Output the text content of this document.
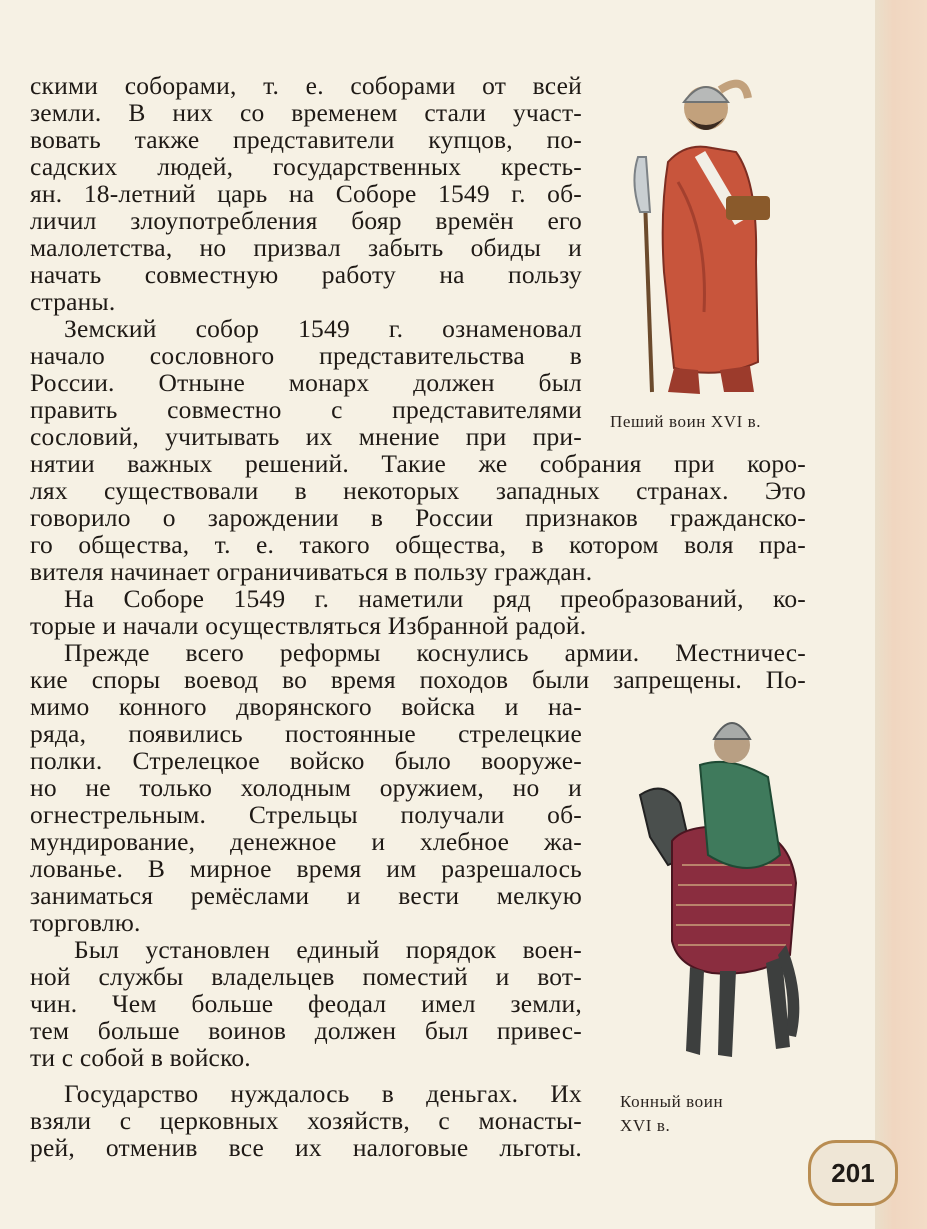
скими соборами, т. е. соборами от всей
земли. В них со временем стали участ-
вовать также представители купцов, по-
садских людей, государственных кресть-
ян. 18-летний царь на Соборе 1549 г. об-
личил злоупотребления бояр времён его
малолетства, но призвал забыть обиды и
начать совместную работу на пользу
страны.
Земский собор 1549 г. ознаменовал
начало сословного представительства в
России. Отныне монарх должен был
править совместно с представителями
сословий, учитывать их мнение при при-
нятии важных решений. Такие же собрания при коро-
лях существовали в некоторых западных странах. Это
говорило о зарождении в России признаков гражданско-
го общества, т. е. такого общества, в котором воля пра-
вителя начинает ограничиваться в пользу граждан.
На Соборе 1549 г. наметили ряд преобразований, ко-
торые и начали осуществляться Избранной радой.
Прежде всего реформы коснулись армии. Местничес-
кие споры воевод во время походов были запрещены. По-
мимо конного дворянского войска и на-
ряда, появились постоянные стрелецкие
полки. Стрелецкое войско было вооруже-
но не только холодным оружием, но и
огнестрельным. Стрельцы получали об-
мундирование, денежное и хлебное жа-
лованье. В мирное время им разрешалось
заниматься ремёслами и вести мелкую
торговлю.
Был установлен единый порядок воен-
ной службы владельцев поместий и вот-
чин. Чем больше феодал имел земли,
тем больше воинов должен был привес-
ти с собой в войско.
Государство нуждалось в деньгах. Их
взяли с церковных хозяйств, с монасты-
рей, отменив все их налоговые льготы.
Пеший воин XVI в.
Конный воин
XVI в.
201
